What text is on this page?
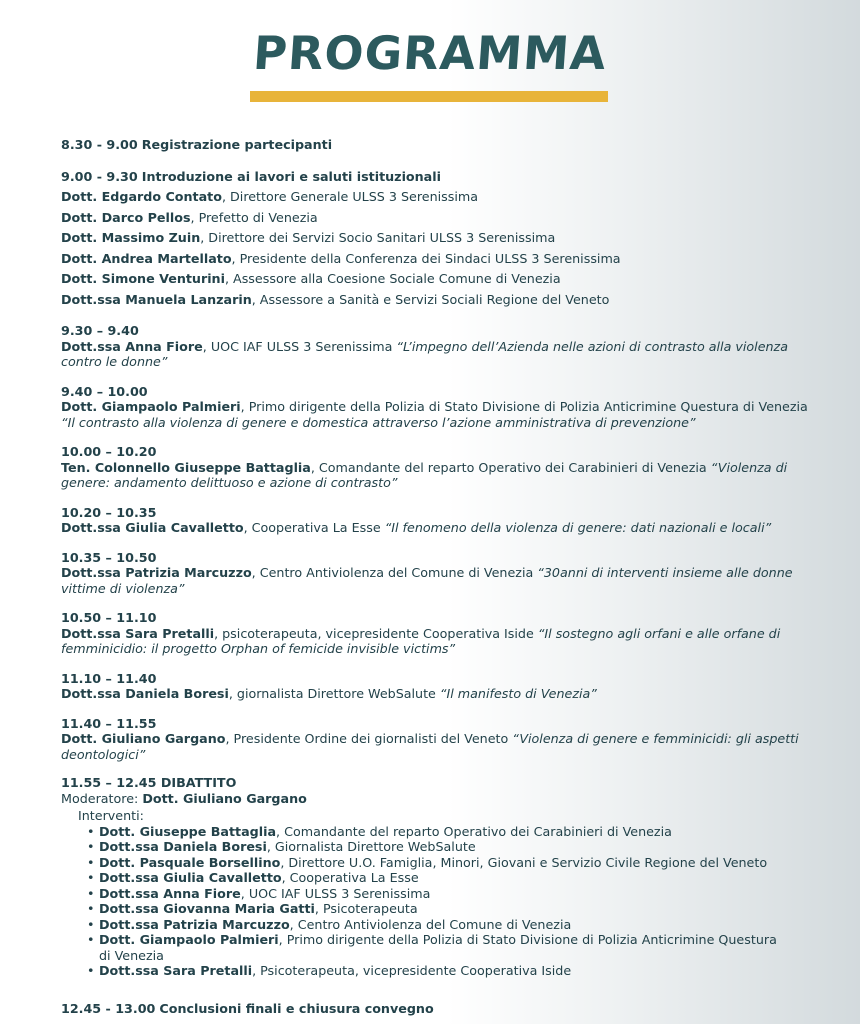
PROGRAMMA

8.30 - 9.00 Registrazione partecipanti

9.00 - 9.30 Introduzione ai lavori e saluti istituzionali
Dott. Edgardo Contato, Direttore Generale ULSS 3 Serenissima
Dott. Darco Pellos, Prefetto di Venezia
Dott. Massimo Zuin, Direttore dei Servizi Socio Sanitari ULSS 3 Serenissima
Dott. Andrea Martellato, Presidente della Conferenza dei Sindaci ULSS 3 Serenissima
Dott. Simone Venturini, Assessore alla Coesione Sociale Comune di Venezia
Dott.ssa Manuela Lanzarin, Assessore a Sanità e Servizi Sociali Regione del Veneto
9.30 – 9.40
Dott.ssa Anna Fiore, UOC IAF ULSS 3 Serenissima “L’impegno dell’Azienda nelle azioni di contrasto alla violenza contro le donne”
9.40 – 10.00
Dott. Giampaolo Palmieri, Primo dirigente della Polizia di Stato Divisione di Polizia Anticrimine Questura di Venezia “Il contrasto alla violenza di genere e domestica attraverso l’azione amministrativa di prevenzione”
10.00 – 10.20
Ten. Colonnello Giuseppe Battaglia, Comandante del reparto Operativo dei Carabinieri di Venezia “Violenza di genere: andamento delittuoso e azione di contrasto”
10.20 – 10.35
Dott.ssa Giulia Cavalletto, Cooperativa La Esse “Il fenomeno della violenza di genere: dati nazionali e locali”
10.35 – 10.50
Dott.ssa Patrizia Marcuzzo, Centro Antiviolenza del Comune di Venezia “30anni di interventi insieme alle donne vittime di violenza”
10.50 – 11.10
Dott.ssa Sara Pretalli, psicoterapeuta, vicepresidente Cooperativa Iside “Il sostegno agli orfani e alle orfane di femminicidio: il progetto Orphan of femicide invisible victims”
11.10 – 11.40
Dott.ssa Daniela Boresi, giornalista Direttore WebSalute “Il manifesto di Venezia”
11.40 – 11.55
Dott. Giuliano Gargano, Presidente Ordine dei giornalisti del Veneto “Violenza di genere e femminicidi: gli aspetti deontologici”
11.55 – 12.45 DIBATTITO
Moderatore: Dott. Giuliano Gargano
Interventi:
• Dott. Giuseppe Battaglia, Comandante del reparto Operativo dei Carabinieri di Venezia
• Dott.ssa Daniela Boresi, Giornalista Direttore WebSalute
• Dott. Pasquale Borsellino, Direttore U.O. Famiglia, Minori, Giovani e Servizio Civile Regione del Veneto
• Dott.ssa Giulia Cavalletto, Cooperativa La Esse
• Dott.ssa Anna Fiore, UOC IAF ULSS 3 Serenissima
• Dott.ssa Giovanna Maria Gatti, Psicoterapeuta
• Dott.ssa Patrizia Marcuzzo, Centro Antiviolenza del Comune di Venezia
• Dott. Giampaolo Palmieri, Primo dirigente della Polizia di Stato Divisione di Polizia Anticrimine Questura di Venezia
• Dott.ssa Sara Pretalli, Psicoterapeuta, vicepresidente Cooperativa Iside

12.45 - 13.00 Conclusioni finali e chiusura convegno
